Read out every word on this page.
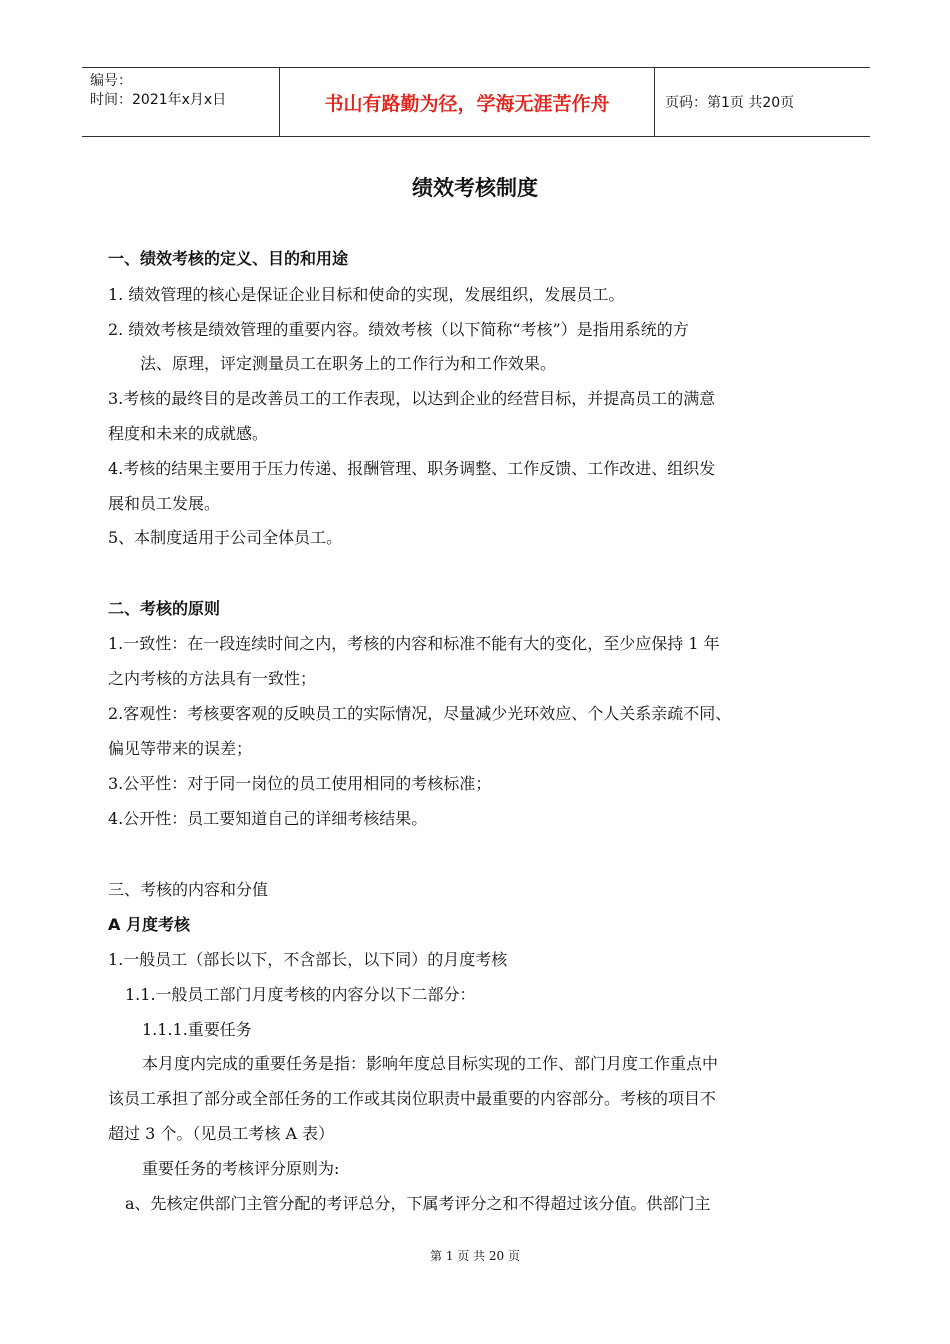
编号：
时间：2021年x月x日	书山有路勤为径，学海无涯苦作舟	页码：第1页 共20页
绩效考核制度
一、绩效考核的定义、目的和用途
1. 绩效管理的核心是保证企业目标和使命的实现，发展组织，发展员工。
2. 绩效考核是绩效管理的重要内容。绩效考核（以下简称“考核”）是指用系统的方
法、原理，评定测量员工在职务上的工作行为和工作效果。
3.考核的最终目的是改善员工的工作表现，以达到企业的经营目标，并提高员工的满意
程度和未来的成就感。
4.考核的结果主要用于压力传递、报酬管理、职务调整、工作反馈、工作改进、组织发
展和员工发展。
5、本制度适用于公司全体员工。
二、考核的原则
1.一致性：在一段连续时间之内，考核的内容和标准不能有大的变化，至少应保持 1 年
之内考核的方法具有一致性；
2.客观性：考核要客观的反映员工的实际情况，尽量减少光环效应、个人关系亲疏不同、
偏见等带来的误差；
3.公平性：对于同一岗位的员工使用相同的考核标准；
4.公开性：员工要知道自己的详细考核结果。
三、考核的内容和分值
A 月度考核
1.一般员工（部长以下，不含部长，以下同）的月度考核
1.1.一般员工部门月度考核的内容分以下二部分：
1.1.1.重要任务
本月度内完成的重要任务是指：影响年度总目标实现的工作、部门月度工作重点中
该员工承担了部分或全部任务的工作或其岗位职责中最重要的内容部分。考核的项目不
超过 3 个。（见员工考核 A 表）
重要任务的考核评分原则为:
a、先核定供部门主管分配的考评总分，下属考评分之和不得超过该分值。供部门主
第 1 页 共 20 页
